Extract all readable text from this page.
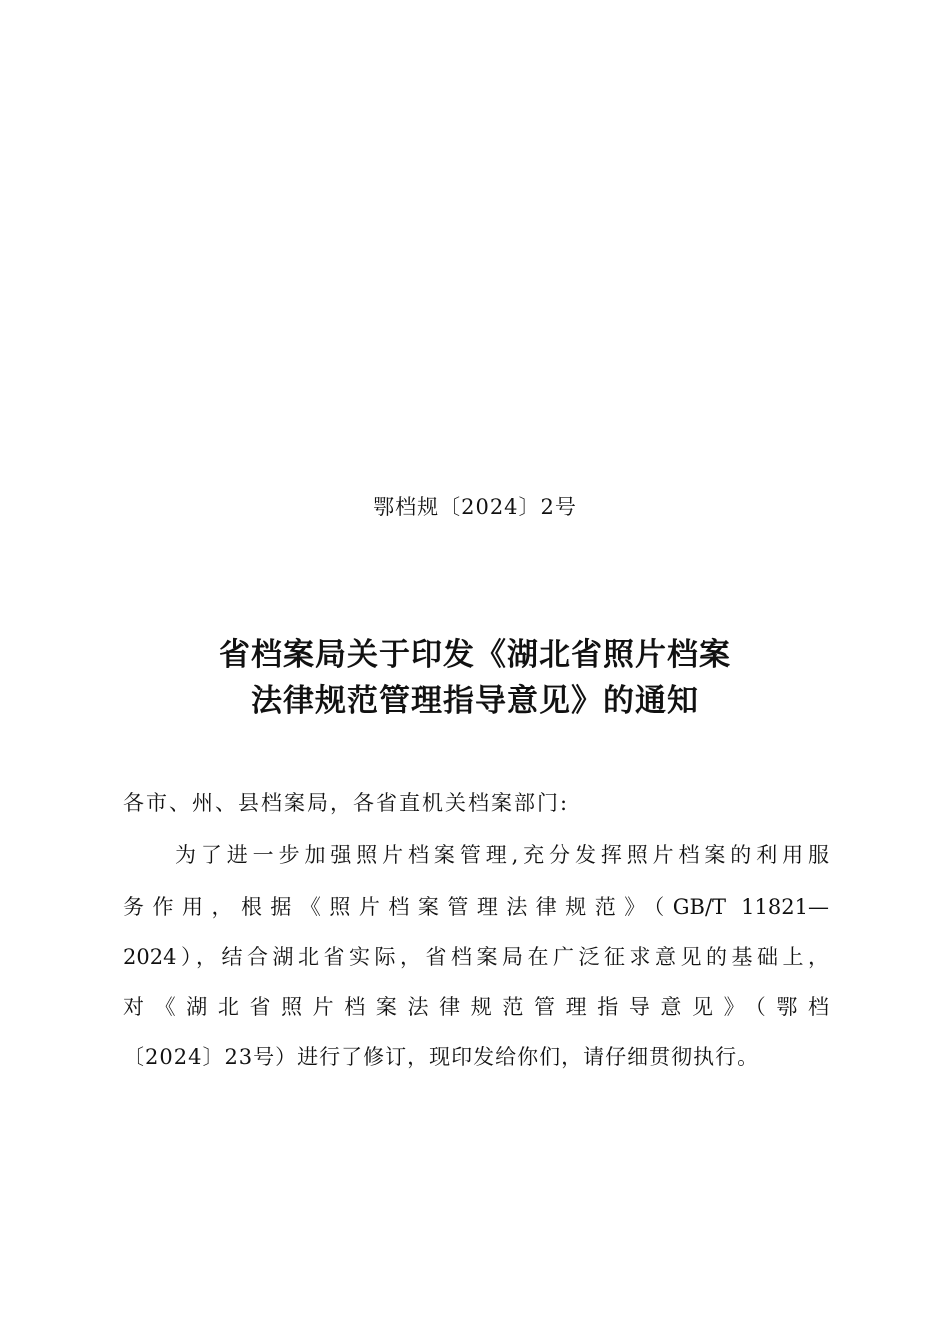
鄂档规〔2024〕2号
省档案局关于印发《湖北省照片档案
法律规范管理指导意见》的通知
各市、州、县档案局，各省直机关档案部门:
为了进一步加强照片档案管理,充分发挥照片档案的利用服
务作用，根据《照片档案管理法律规范》（GB/T 11821—
2024），结合湖北省实际，省档案局在广泛征求意见的基础上，
对《湖北省照片档案法律规范管理指导意见》（鄂档
〔2024〕23号）进行了修订，现印发给你们，请仔细贯彻执行。
